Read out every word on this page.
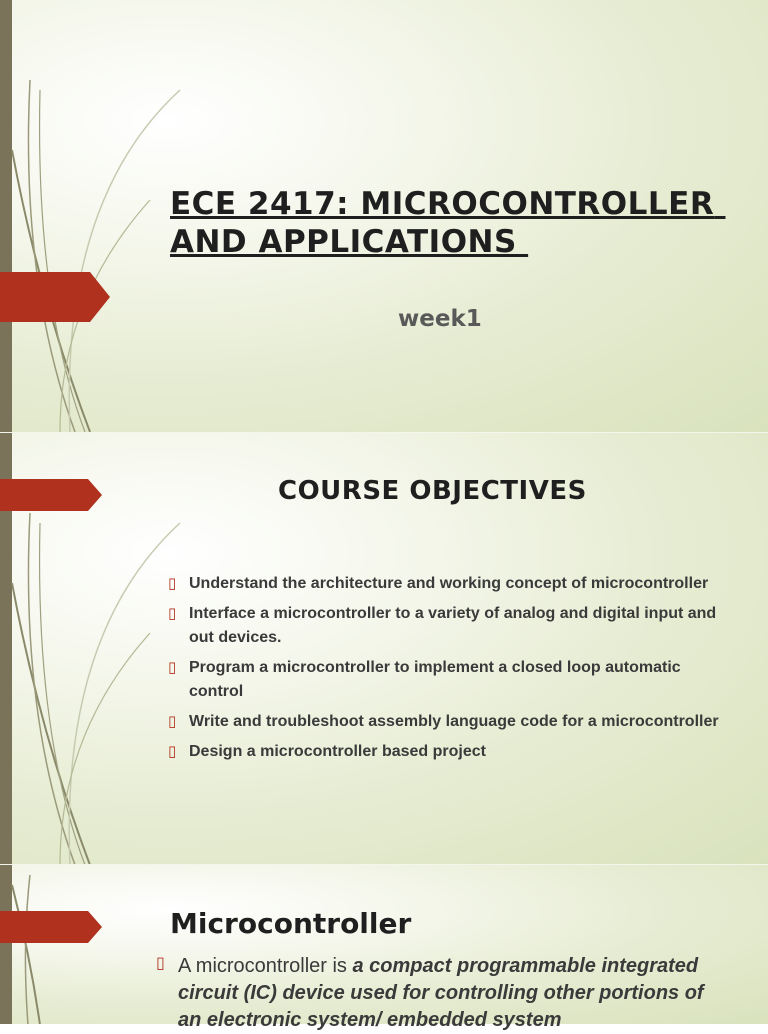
ECE 2417: MICROCONTROLLER AND APPLICATIONS

week1

COURSE OBJECTIVES
▯ Understand the architecture and working concept of microcontroller
▯ Interface a microcontroller to a variety of analog and digital input and out devices.
▯ Program a microcontroller to implement a closed loop automatic control
▯ Write and troubleshoot assembly language code for a microcontroller
▯ Design a microcontroller based project
Microcontroller
▯ A microcontroller is a compact programmable integrated circuit (IC) device used for controlling other portions of an electronic system/ embedded system
